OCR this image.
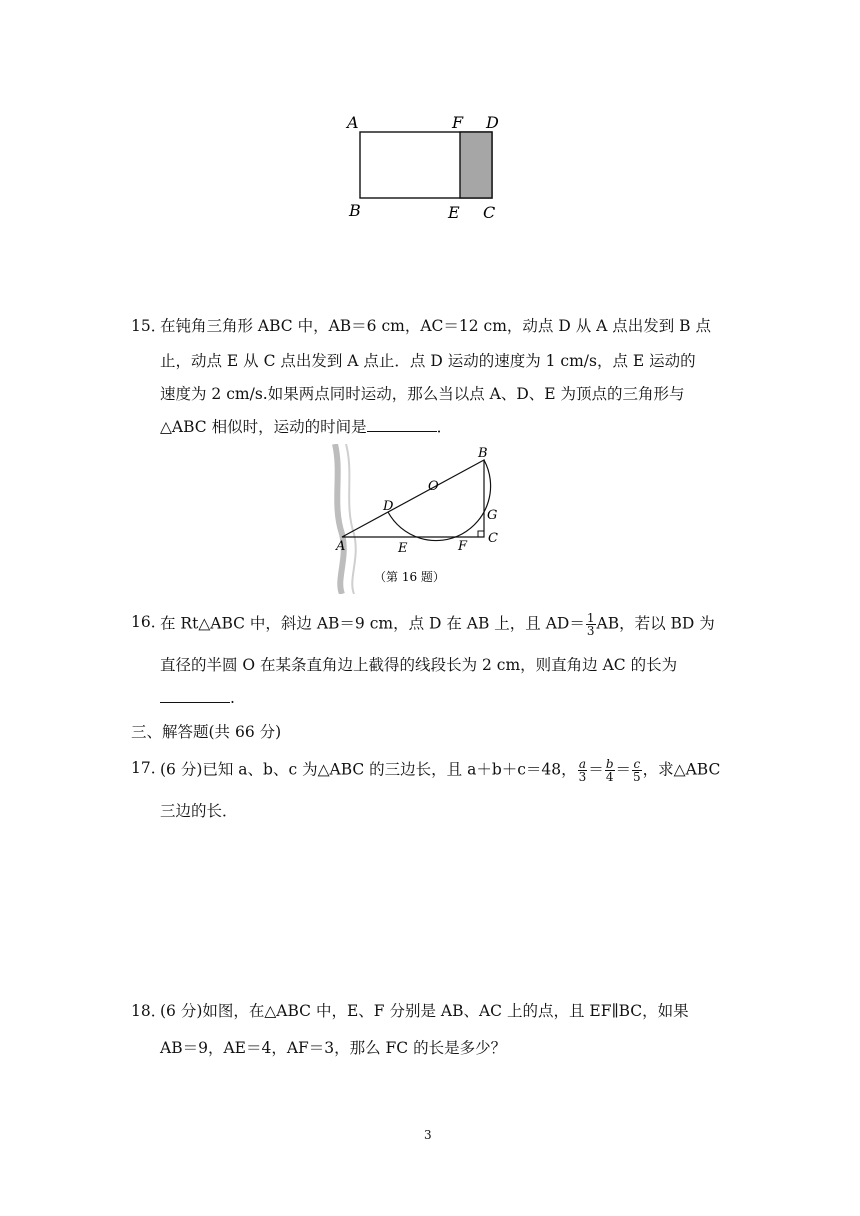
A	F D
B	E C
15．
在钝角三角形 ABC 中，AB＝6 cm，AC＝12 cm，动点 D 从 A 点出发到 B 点
止，动点 E 从 C 点出发到 A 点止．点 D 运动的速度为 1 cm/s，点 E 运动的
速度为 2 cm/s.如果两点同时运动，那么当以点 A、D、E 为顶点的三角形与
△ABC 相似时，运动的时间是	．
B
O
D
G
A	E	F
C
（第 16 题）
16．
在 Rt△ABC 中，斜边 AB＝9 cm，点 D 在 AB 上，且 $AD= \frac{1}{3}$ AB，若以 BD 为
直径的半圆 O 在某条直角边上截得的线段长为 2 cm，则直角边 AC 的长为
.
三、解答题(共 66 分)
17．
(6 分)已知 a、b、c 为△ABC 的三边长，且 a＋b＋c＝48， $\frac{a}{3} = \frac{b}{4} = \frac{c}{5}$ ，求△ABC
三边的长．
18．
(6 分)如图，在△ABC 中，E、F 分别是 AB、AC 上的点，且 EF∥BC，如果
AB＝9，AE＝4，AF＝3，那么 FC 的长是多少？
3
